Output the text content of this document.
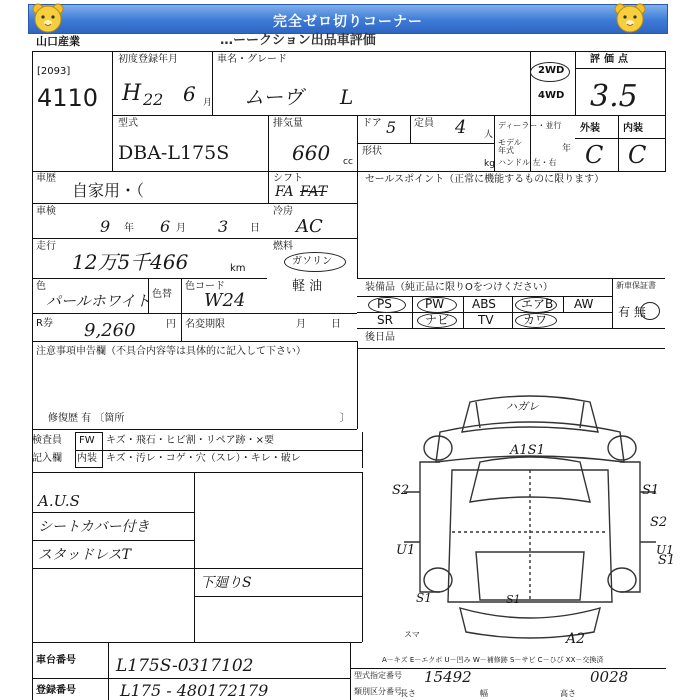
完全ゼロ切りコーナー
山口産業	…ーークション出品車評価
[2093]
4110
初度登録年月
H 22 6 月
車名・グレード
ムーヴ L
2WD
4WD
評価点
3.5
型式
DBA-L175S
排気量
660 cc
ドア 5 定員 4 人
ディーラー・並行
モデル年式	年
ハンドル 左・右
形状
kg
外装 内装
C C
車歴
自家用・（
シフト
FA FAT
セールスポイント（正常に機能するものに限ります）
車検
9 年 6 月 3 日
冷房
AC
走行
12万5千466	km
燃料
ガソリン
軽 油
色
パールホワイト 色替
色コード
W24
R券 9,260	円 名変期限	月	日
装備品（純正品に限りOをつけください）	新車保証書
有 無
PS	PW ABS エアB AW
SR	ナビ TV カワ
後日品
注意事項申告欄（不具合内容等は具体的に記入して下さい）
修復歴 有 〔箇所	〕
検査員
記入欄
FW キズ・飛石・ヒビ割・リペア跡・×要
内装 キズ・汚レ・コゲ・穴（スレ）・キレ・破レ
A.U.S
シートカバー付き
スタッドレスT
下廻りS
ハガレ
A1S1
S2	S1
S2
U1
S1
S1
U1
S1
A2
スマ
車台番号 L175S-0317102
登録番号	L175 - 480172179
A－キズ E－エクボ U－凹み W－補修跡 S－サビ C－ひび XX－交換済
型式指定番号 15492
類別区分番号
0028
長さ	幅	高さ
